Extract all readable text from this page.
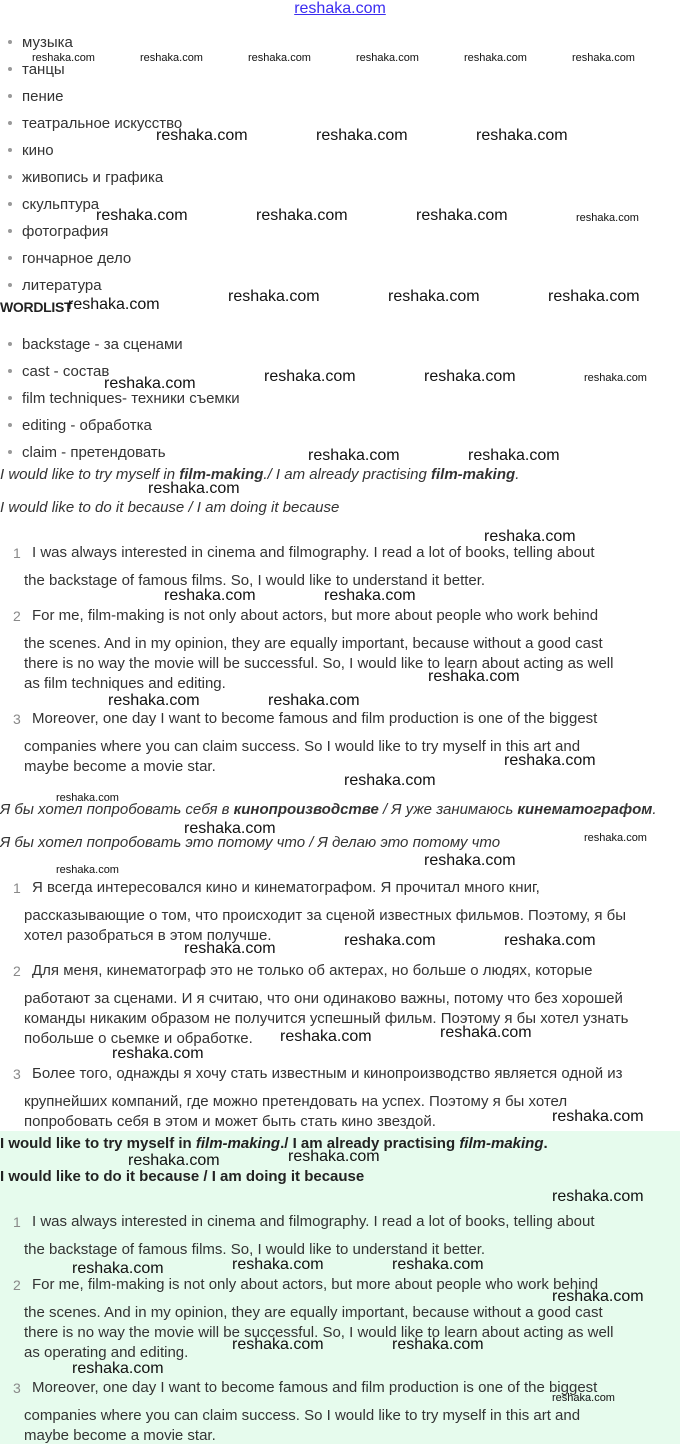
reshaka.com
музыка
танцы
пение
театральное искусство
кино
живопись и графика
скульптура
фотография
гончарное дело
литература
WORDLIST
backstage - за сценами
cast - состав
film techniques- техники съемки
editing - обработка
claim - претендовать
I would like to try myself in film-making./ I am already practising film-making.
I would like to do it because / I am doing it because
1 I was always interested in cinema and filmography. I read a lot of books, telling about
the backstage of famous films. So, I would like to understand it better.
2 For me, film-making is not only about actors, but more about people who work behind
the scenes. And in my opinion, they are equally important, because without a good cast
there is no way the movie will be successful. So, I would like to learn about acting as well
as film techniques and editing.
3 Moreover, one day I want to become famous and film production is one of the biggest
companies where you can claim success. So I would like to try myself in this art and
maybe become a movie star.
Я бы хотел попробовать себя в кинопроизводстве / Я уже занимаюсь кинематографом.
Я бы хотел попробовать это потому что / Я делаю это потому что
1 Я всегда интересовался кино и кинематографом. Я прочитал много книг,
рассказывающие о том, что происходит за сценой известных фильмов. Поэтому, я бы
хотел разобраться в этом получше.
2 Для меня, кинематограф это не только об актерах, но больше о людях, которые
работают за сценами. И я считаю, что они одинаково важны, потому что без хорошей
команды никаким образом не получится успешный фильм. Поэтому я бы хотел узнать
побольше о сьемке и обработке.
3 Более того, однажды я хочу стать известным и кинопроизводство является одной из
крупнейших компаний, где можно претендовать на успех. Поэтому я бы хотел
попробовать себя в этом и может быть стать кино звездой.
I would like to try myself in film-making./ I am already practising film-making.
I would like to do it because / I am doing it because
1 I was always interested in cinema and filmography. I read a lot of books, telling about
the backstage of famous films. So, I would like to understand it better.
2 For me, film-making is not only about actors, but more about people who work behind
the scenes. And in my opinion, they are equally important, because without a good cast
there is no way the movie will be successful. So, I would like to learn about acting as well
as operating and editing.
3 Moreover, one day I want to become famous and film production is one of the biggest
companies where you can claim success. So I would like to try myself in this art and
maybe become a movie star.
reshaka.com	reshaka.com	reshaka.com	reshaka.com	reshaka.com	reshaka.com
reshaka.com	reshaka.com	reshaka.com
reshaka.com	reshaka.com	reshaka.com	reshaka.com
reshaka.com	reshaka.com	reshaka.com	reshaka.com
reshaka.com	reshaka.com	reshaka.com	reshaka.com
reshaka.com	reshaka.com
reshaka.com
reshaka.com
reshaka.com	reshaka.com
reshaka.com
reshaka.com	reshaka.com
reshaka.com
reshaka.com
reshaka.com
reshaka.com
reshaka.com
reshaka.com
reshaka.com
reshaka.com	reshaka.com
reshaka.com
reshaka.com	reshaka.com
reshaka.com
reshaka.com
reshaka.com
reshaka.com
reshaka.com
reshaka.com	reshaka.com	reshaka.com
reshaka.com
reshaka.com	reshaka.com
reshaka.com
reshaka.com
